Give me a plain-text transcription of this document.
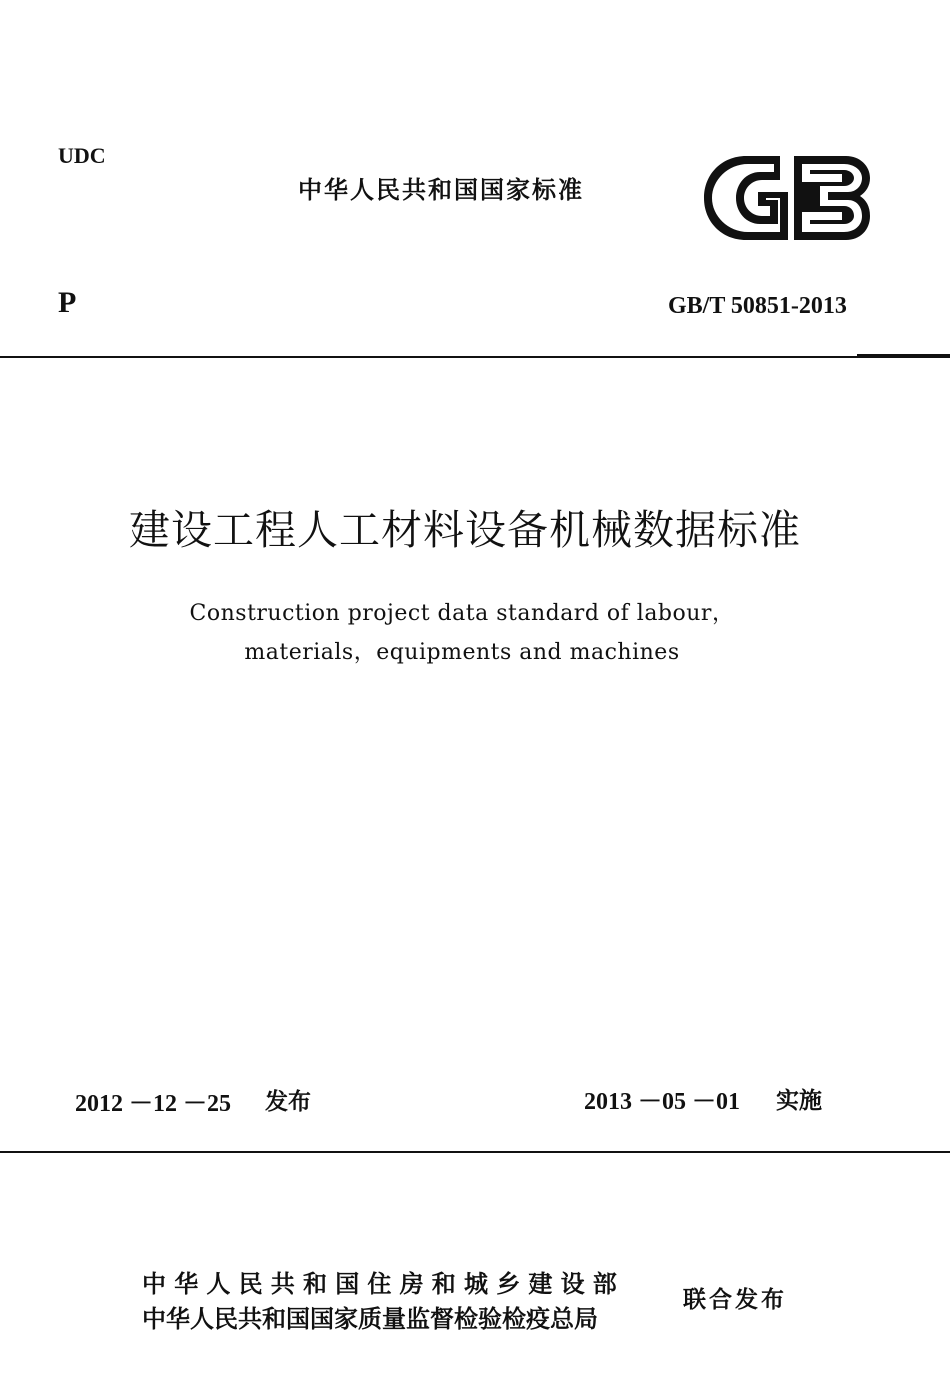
UDC
中华人民共和国国家标准
P	GB/T 50851-2013
建设工程人工材料设备机械数据标准
Construction project data standard of labour，
materials，equipments and machines
2012 －12 －25 发布	2013 －05 －01 实施
中华人民共和国住房和城乡建设部
中华人民共和国国家质量监督检验检疫总局
联合发布
